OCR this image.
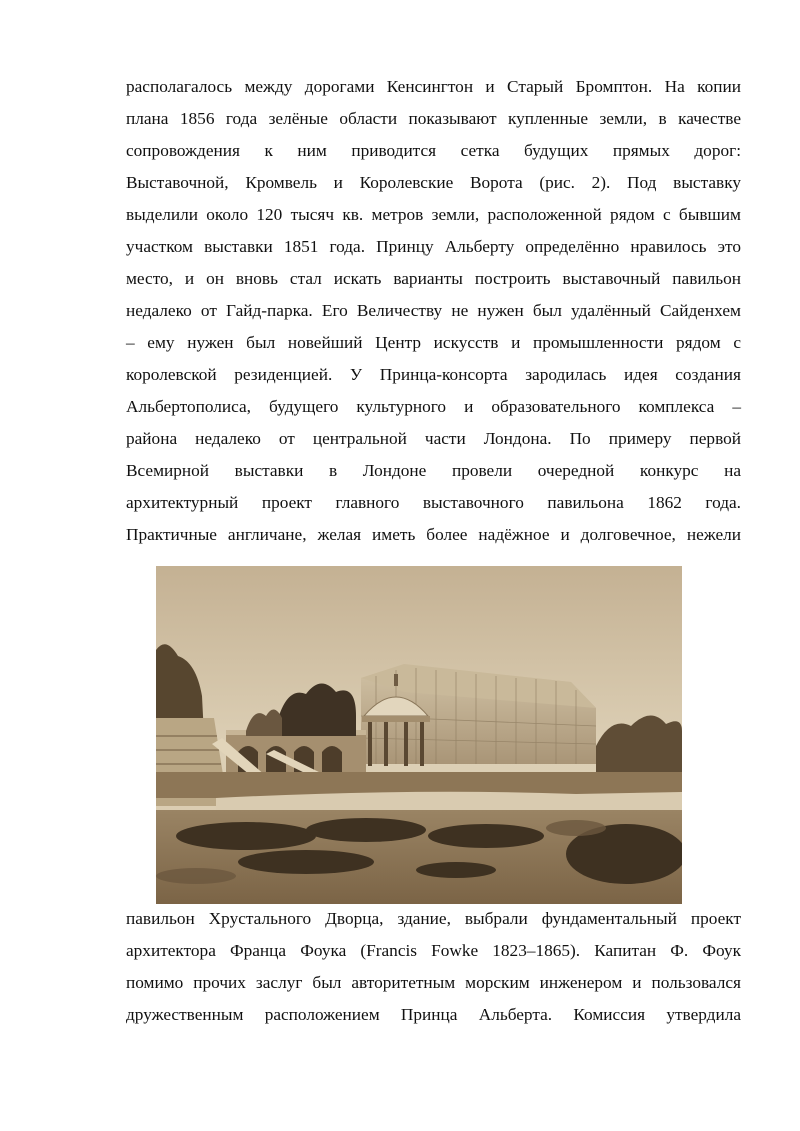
располагалось между дорогами Кенсингтон и Старый Бромптон. На копии
плана 1856 года зелёные области показывают купленные земли, в качестве
сопровождения к ним приводится сетка будущих прямых дорог:
Выставочной, Кромвель и Королевские Ворота (рис. 2). Под выставку
выделили около 120 тысяч кв. метров земли, расположенной рядом с бывшим
участком выставки 1851 года. Принцу Альберту определённо нравилось это
место, и он вновь стал искать варианты построить выставочный павильон
недалеко от Гайд-парка. Его Величеству не нужен был удалённый Сайденхем
– ему нужен был новейший Центр искусств и промышленности рядом с
королевской резиденцией. У Принца-консорта зародилась идея создания
Альбертополиса, будущего культурного и образовательного комплекса –
района недалеко от центральной части Лондона. По примеру первой
Всемирной выставки в Лондоне провели очередной конкурс на
архитектурный проект главного выставочного павильона 1862 года.
Практичные англичане, желая иметь более надёжное и долговечное, нежели
павильон Хрустального Дворца, здание, выбрали фундаментальный проект
архитектора Франца Фоука (Francis Fowke 1823–1865). Капитан Ф. Фоук
помимо прочих заслуг был авторитетным морским инженером и пользовался
дружественным расположением Принца Альберта. Комиссия утвердила
